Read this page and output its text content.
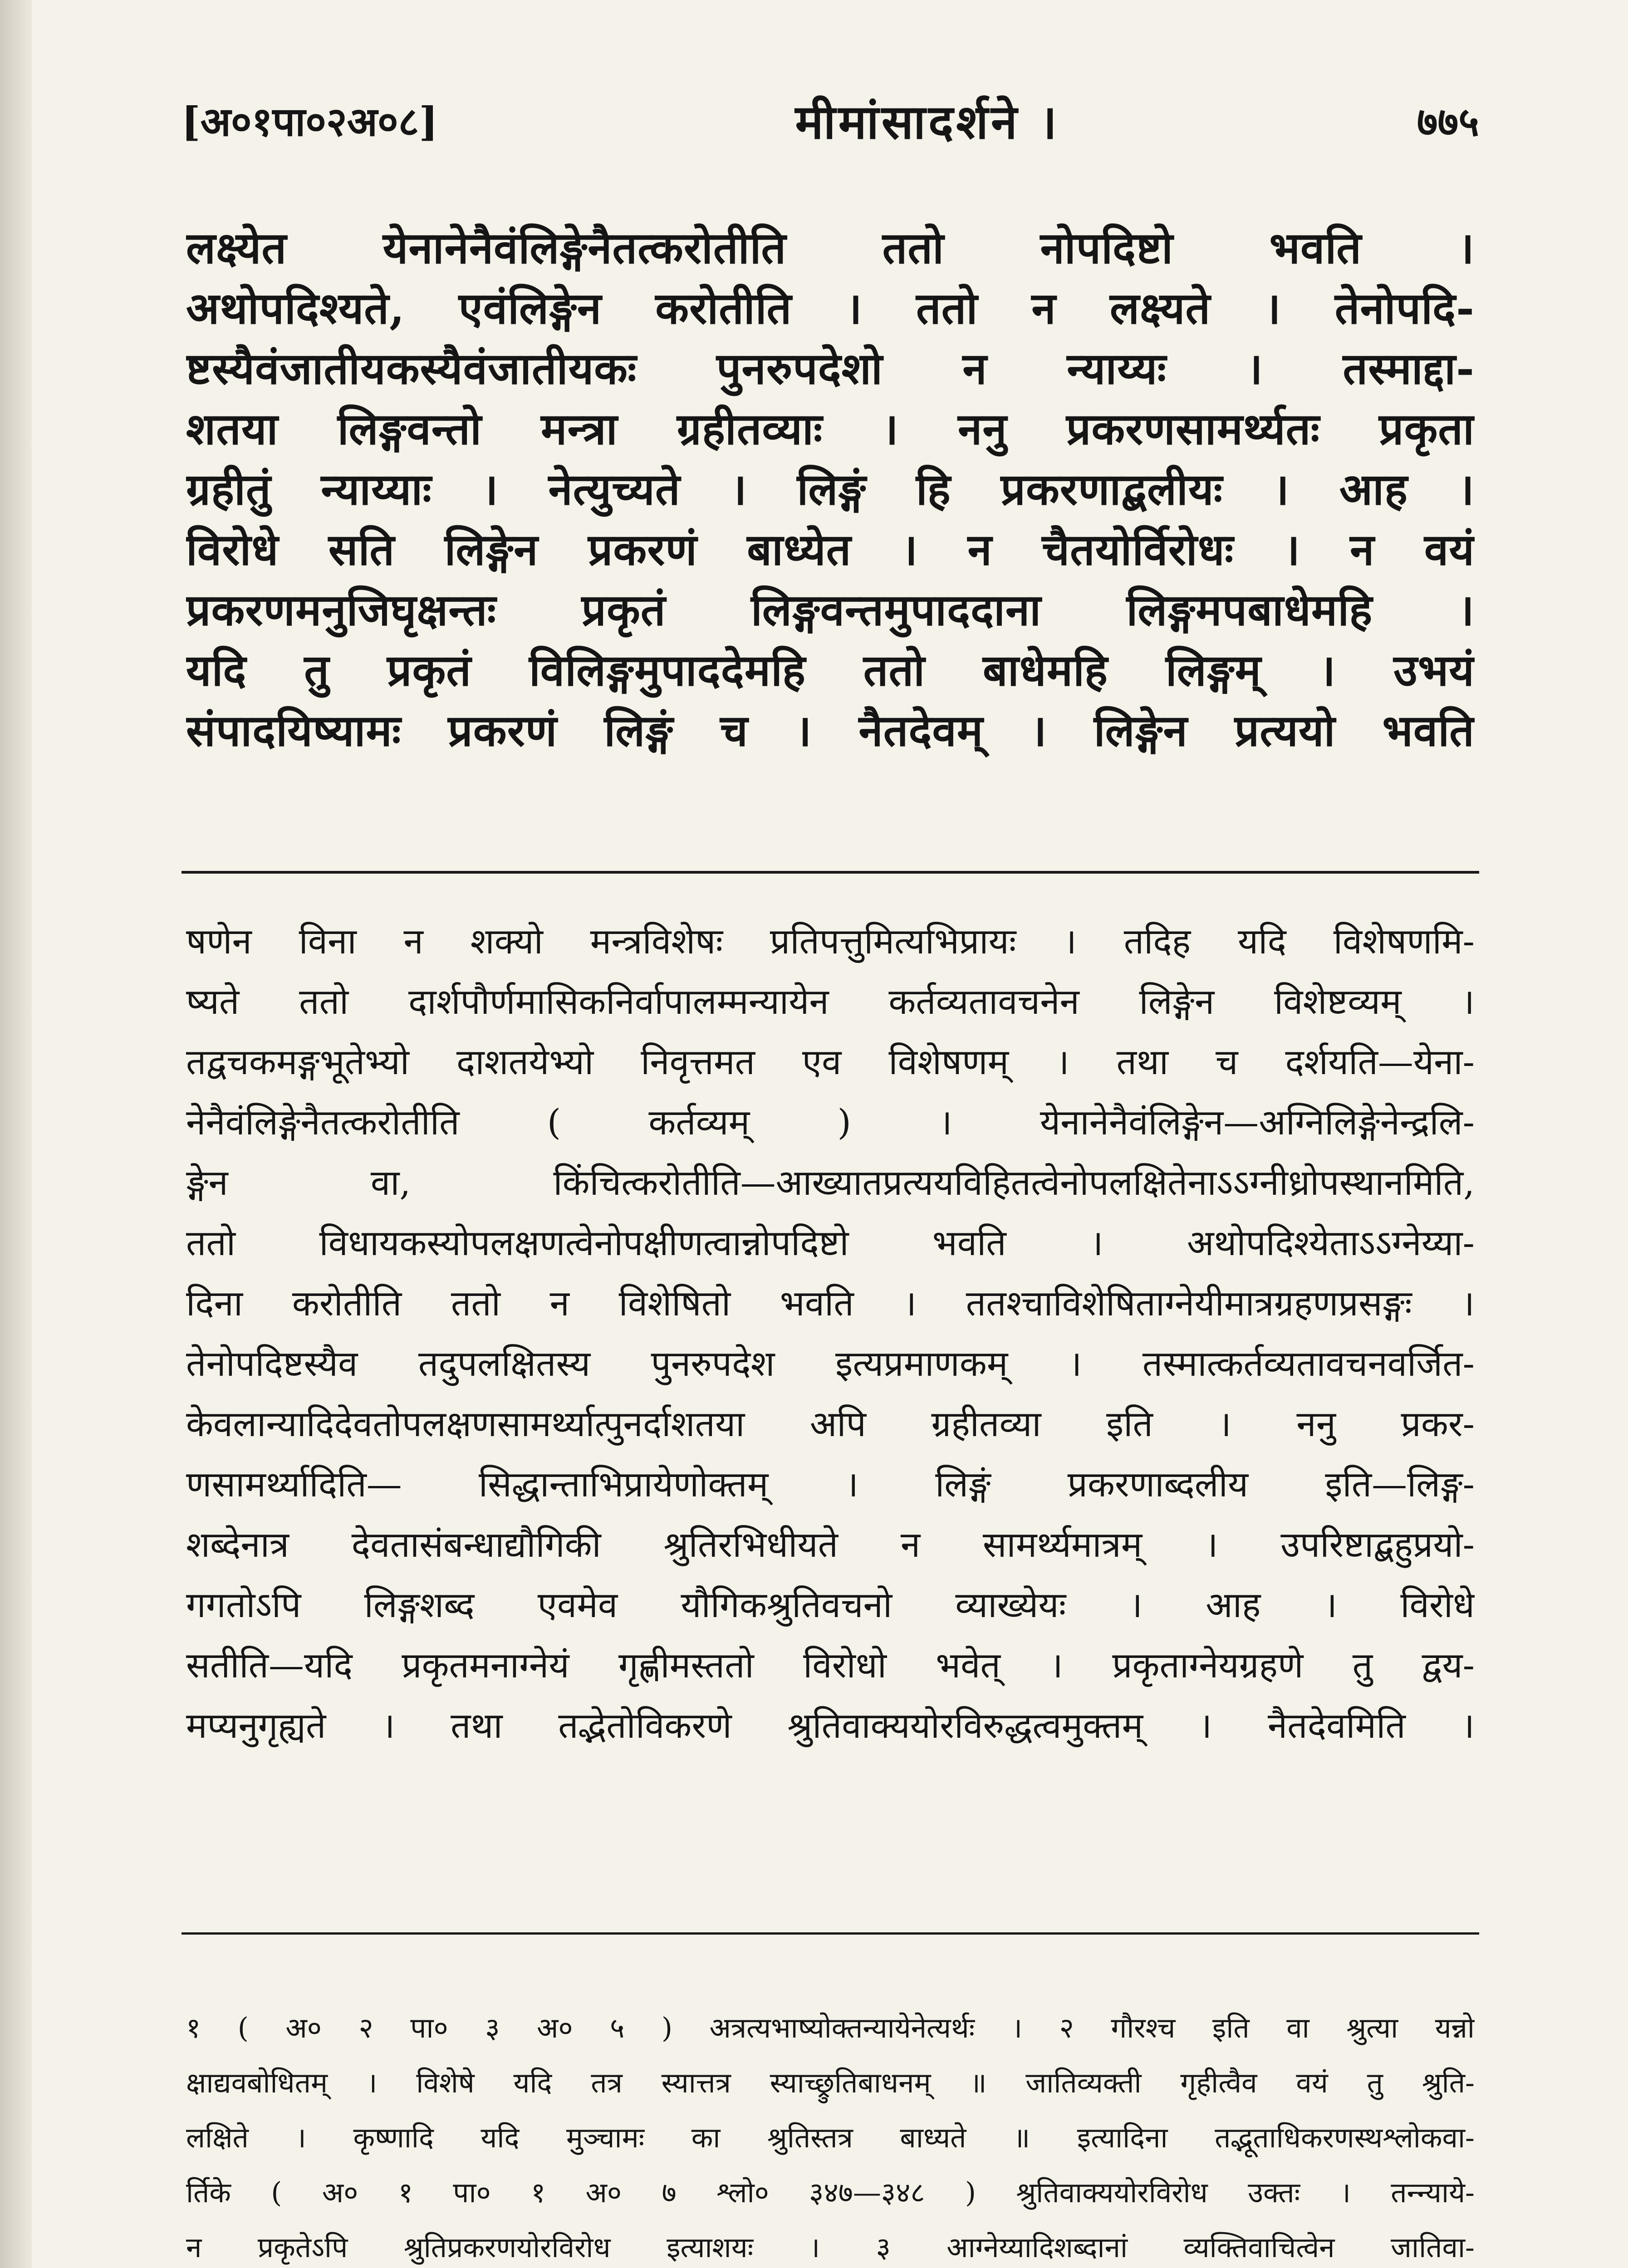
[अ०१पा०२अ०८]	मीमांसादर्शने ।	७७५
लक्ष्येत येनानेनैवंलिङ्गेनैतत्करोतीति ततो नोपदिष्टो भवति ।
अथोपदिश्यते, एवंलिङ्गेन करोतीति । ततो न लक्ष्यते । तेनोपदि-
ष्टस्यैवंजातीयकस्यैवंजातीयकः पुनरुपदेशो न न्याय्यः । तस्माद्दा-
शतया लिङ्गवन्तो मन्त्रा ग्रहीतव्याः । ननु प्रकरणसामर्थ्यतः प्रकृता
ग्रहीतुं न्याय्याः । नेत्युच्यते । लिङ्गं हि प्रकरणाद्बलीयः । आह ।
विरोधे सति लिङ्गेन प्रकरणं बाध्येत । न चैतयोर्विरोधः । न वयं
प्रकरणमनुजिघृक्षन्तः प्रकृतं लिङ्गवन्तमुपाददाना लिङ्गमपबाधेमहि ।
यदि तु प्रकृतं विलिङ्गमुपाददेमहि ततो बाधेमहि लिङ्गम् । उभयं
संपादयिष्यामः प्रकरणं लिङ्गं च । नैतदेवम् । लिङ्गेन प्रत्ययो भवति
षणेन विना न शक्यो मन्त्रविशेषः प्रतिपत्तुमित्यभिप्रायः । तदिह यदि विशेषणमि-
ष्यते ततो दार्शपौर्णमासिकनिर्वापालम्मन्यायेन कर्तव्यतावचनेन लिङ्गेन विशेष्टव्यम् ।
तद्वचकमङ्गभूतेभ्यो दाशतयेभ्यो निवृत्तमत एव विशेषणम् । तथा च दर्शयति—येना-
नेनैवंलिङ्गेनैतत्करोतीति ( कर्तव्यम् ) । येनानेनैवंलिङ्गेन—अग्निलिङ्गेनेन्द्रलि-
ङ्गेन वा, किंचित्करोतीति—आख्यातप्रत्ययविहितत्वेनोपलक्षितेनाऽऽग्नीध्रोपस्थानमिति,
ततो विधायकस्योपलक्षणत्वेनोपक्षीणत्वान्नोपदिष्टो भवति । अथोपदिश्येताऽऽग्नेय्या-
दिना करोतीति ततो न विशेषितो भवति । ततश्चाविशेषिताग्नेयीमात्रग्रहणप्रसङ्गः ।
तेनोपदिष्टस्यैव तदुपलक्षितस्य पुनरुपदेश इत्यप्रमाणकम् । तस्मात्कर्तव्यतावचनवर्जित-
केवलान्यादिदेवतोपलक्षणसामर्थ्यात्पुनर्दाशतया अपि ग्रहीतव्या इति । ननु प्रकर-
णसामर्थ्यादिति— सिद्धान्ताभिप्रायेणोक्तम् । लिङ्गं प्रकरणाब्दलीय इति—लिङ्ग-
शब्देनात्र देवतासंबन्धाद्यौगिकी श्रुतिरभिधीयते न सामर्थ्यमात्रम् । उपरिष्टाद्बहुप्रयो-
गगतोऽपि लिङ्गशब्द एवमेव यौगिकश्रुतिवचनो व्याख्येयः । आह । विरोधे
सतीति—यदि प्रकृतमनाग्नेयं गृह्णीमस्ततो विरोधो भवेत् । प्रकृताग्नेयग्रहणे तु द्वय-
मप्यनुगृह्यते । तथा तद्भेतोविकरणे श्रुतिवाक्ययोरविरुद्धत्वमुक्तम् । नैतदेवमिति ।
१ ( अ० २ पा० ३ अ० ५ ) अत्रत्यभाष्योक्तन्यायेनेत्यर्थः । २ गौरश्च इति वा श्रुत्या यन्नो
क्षाद्यवबोधितम् । विशेषे यदि तत्र स्यात्तत्र स्याच्छ्रुतिबाधनम् ॥ जातिव्यक्ती गृहीत्वैव वयं तु श्रुति-
लक्षिते । कृष्णादि यदि मुञ्चामः का श्रुतिस्तत्र बाध्यते ॥ इत्यादिना तद्भूताधिकरणस्थश्लोकवा-
र्तिके ( अ० १ पा० १ अ० ७ श्लो० ३४७—३४८ ) श्रुतिवाक्ययोरविरोध उक्तः । तन्न्याये-
न प्रकृतेऽपि श्रुतिप्रकरणयोरविरोध इत्याशयः । ३ आग्नेय्यादिशब्दानां व्यक्तिवाचित्वेन जातिवा-
